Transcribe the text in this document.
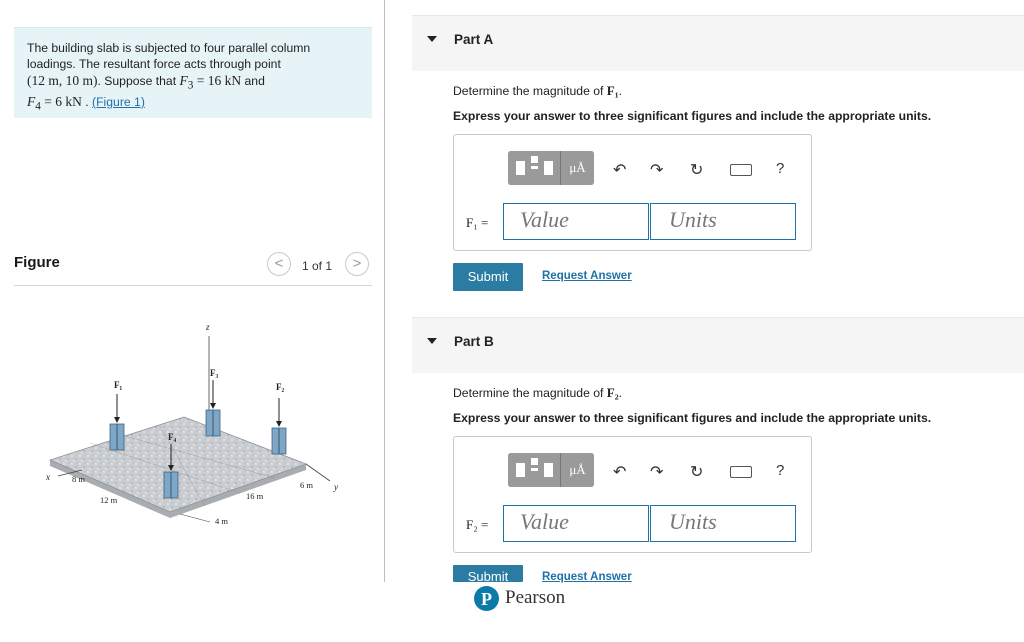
The building slab is subjected to four parallel column loadings. The resultant force acts through point
(12 m, 10 m). Suppose that $F_3 = 16$ kN and
$F_4 = 6$ kN . (Figure 1)
Figure	<	1 of 1	>
z
x
y
F₁
F₃
F₂
F₄
8 m
12 m	16 m
6 m
4 m
Part A
Determine the magnitude of F₁.
Express your answer to three significant figures and include the appropriate units.
μÅ	↶ ↷ ↻	?
F₁ =	Value	Units
Submit	Request Answer
Part B
Determine the magnitude of F₂.
Express your answer to three significant figures and include the appropriate units.
μÅ	↶ ↷ ↻	?
F₂ =	Value	Units
Submit	Request Answer
P Pearson
